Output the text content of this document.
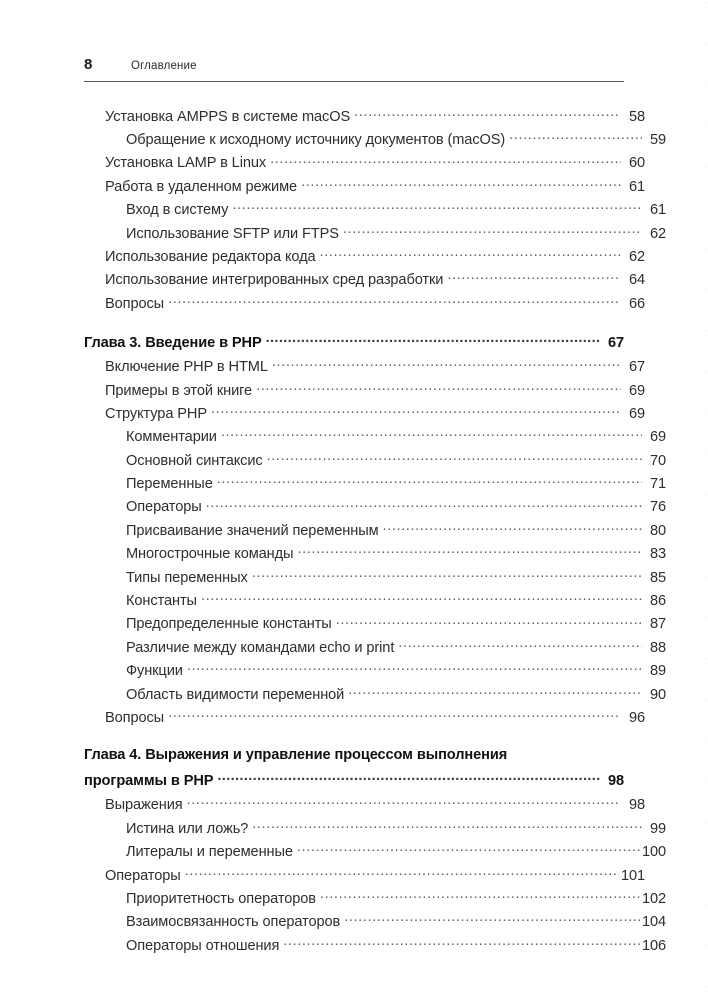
8	Оглавление
Установка AMPPS в системе macOS .....	58
Обращение к исходному источнику документов (macOS) .....	59
Установка LAMP в Linux .....	60
Работа в удаленном режиме .....	61
Вход в систему .....	61
Использование SFTP или FTPS .....	62
Использование редактора кода .....	62
Использование интегрированных сред разработки .....	64
Вопросы .....	66
Глава 3. Введение в PHP .....	67
Включение PHP в HTML .....	67
Примеры в этой книге .....	69
Структура PHP .....	69
Комментарии .....	69
Основной синтаксис .....	70
Переменные .....	71
Операторы .....	76
Присваивание значений переменным .....	80
Многострочные команды .....	83
Типы переменных .....	85
Константы .....	86
Предопределенные константы .....	87
Различие между командами echo и print .....	88
Функции .....	89
Область видимости переменной .....	90
Вопросы .....	96
Глава 4. Выражения и управление процессом выполнения
программы в PHP .....	98
Выражения .....	98
Истина или ложь? .....	99
Литералы и переменные .....	100
Операторы .....	101
Приоритетность операторов .....	102
Взаимосвязанность операторов .....	104
Операторы отношения .....	106
